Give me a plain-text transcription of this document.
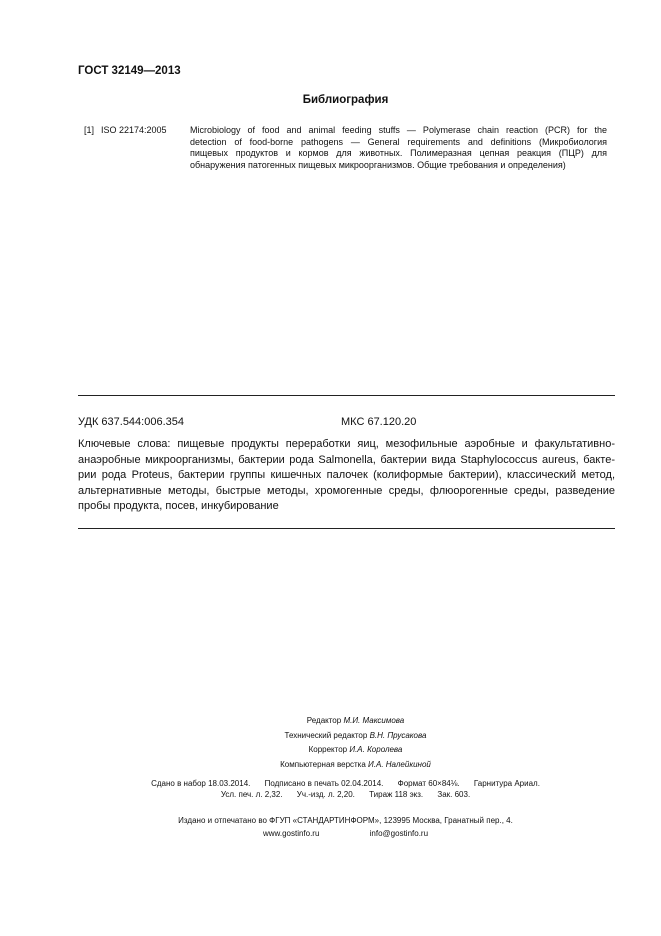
ГОСТ 32149—2013
Библиография
[1] ISO 22174:2005	Microbiology of food and animal feeding stuffs — Polymerase chain reaction (PCR) for the
detection of food-borne pathogens — General requirements and definitions (Микробиология
пищевых продуктов и кормов для животных. Полимеразная цепная реакция (ПЦР) для
обнаружения патогенных пищевых микроорганизмов. Общие требования и определения)
УДК 637.544:006.354	МКС 67.120.20
Ключевые слова: пищевые продукты переработки яиц, мезофильные аэробные и факультативно-
анаэробные микроорганизмы, бактерии рода Salmonella, бактерии вида Staphylococcus aureus, бакте-
рии рода Proteus, бактерии группы кишечных палочек (колиформые бактерии), классический метод,
альтернативные методы, быстрые методы, хромогенные среды, флюорогенные среды, разведение
пробы продукта, посев, инкубирование
Редактор М.И. Максимова
Технический редактор В.Н. Прусакова
Корректор И.А. Королева
Компьютерная верстка И.А. Налейкиной
Сдано в набор 18.03.2014. Подписано в печать 02.04.2014. Формат 60×84⅛. Гарнитура Ариал.
Усл. печ. л. 2,32. Уч.-изд. л. 2,20. Тираж 118 экз. Зак. 603.
Издано и отпечатано во ФГУП «СТАНДАРТИНФОРМ», 123995 Москва, Гранатный пер., 4.
www.gostinfo.ru	info@gostinfo.ru
